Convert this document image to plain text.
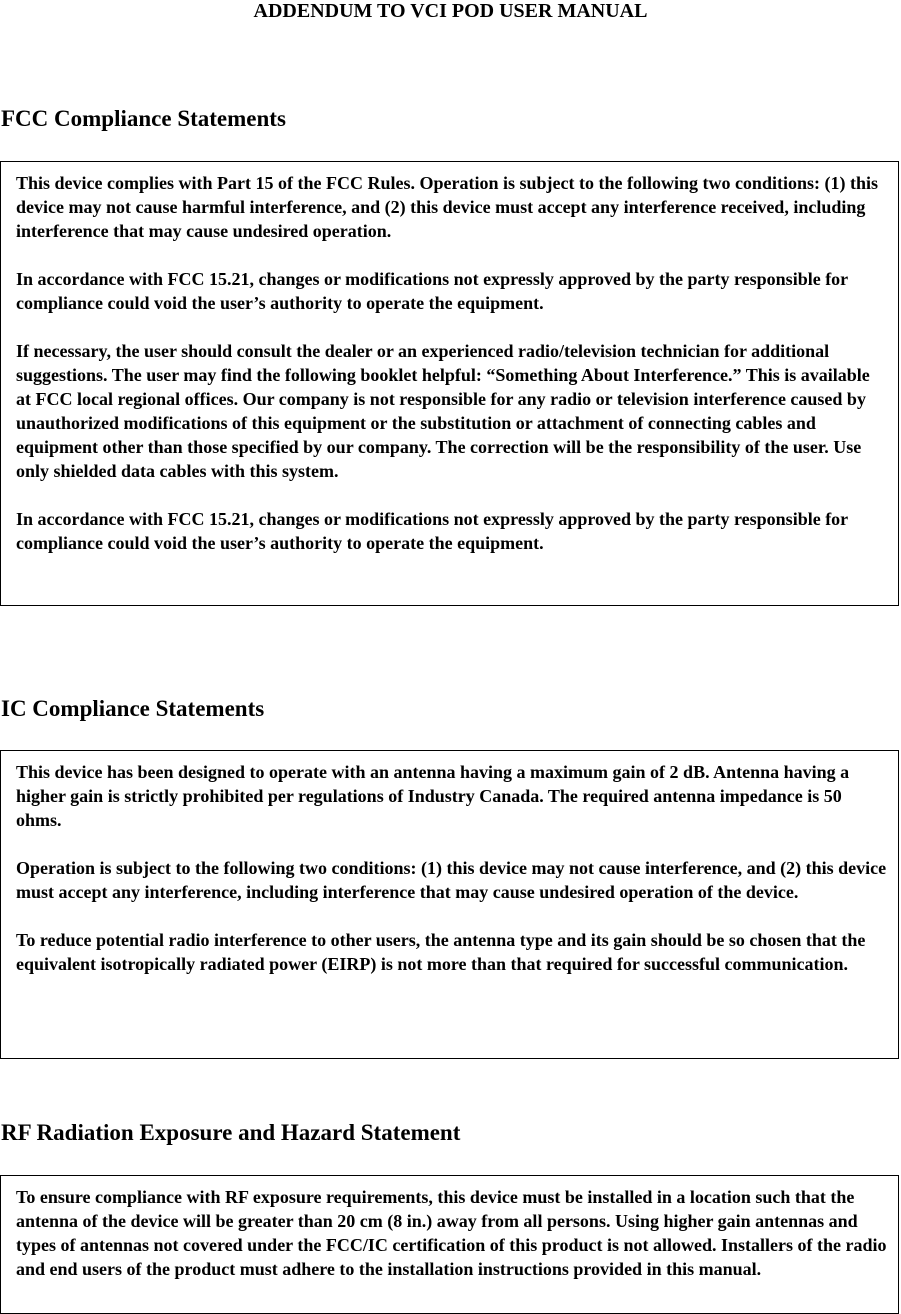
ADDENDUM TO VCI POD USER MANUAL
FCC Compliance Statements

This device complies with Part 15 of the FCC Rules. Operation is subject to the following two conditions: (1) this device may not cause harmful interference, and (2) this device must accept any interference received, including interference that may cause undesired operation.

In accordance with FCC 15.21, changes or modifications not expressly approved by the party responsible for compliance could void the user’s authority to operate the equipment.

If necessary, the user should consult the dealer or an experienced radio/television technician for additional suggestions. The user may find the following booklet helpful: “Something About Interference.” This is available at FCC local regional offices. Our company is not responsible for any radio or television interference caused by unauthorized modifications of this equipment or the substitution or attachment of connecting cables and equipment other than those specified by our company. The correction will be the responsibility of the user. Use only shielded data cables with this system.

In accordance with FCC 15.21, changes or modifications not expressly approved by the party responsible for compliance could void the user’s authority to operate the equipment.

IC Compliance Statements

This device has been designed to operate with an antenna having a maximum gain of 2 dB. Antenna having a higher gain is strictly prohibited per regulations of Industry Canada. The required antenna impedance is 50 ohms.

Operation is subject to the following two conditions: (1) this device may not cause interference, and (2) this device must accept any interference, including interference that may cause undesired operation of the device.

To reduce potential radio interference to other users, the antenna type and its gain should be so chosen that the equivalent isotropically radiated power (EIRP) is not more than that required for successful communication.

RF Radiation Exposure and Hazard Statement

To ensure compliance with RF exposure requirements, this device must be installed in a location such that the antenna of the device will be greater than 20 cm (8 in.) away from all persons. Using higher gain antennas and types of antennas not covered under the FCC/IC certification of this product is not allowed. Installers of the radio and end users of the product must adhere to the installation instructions provided in this manual.
